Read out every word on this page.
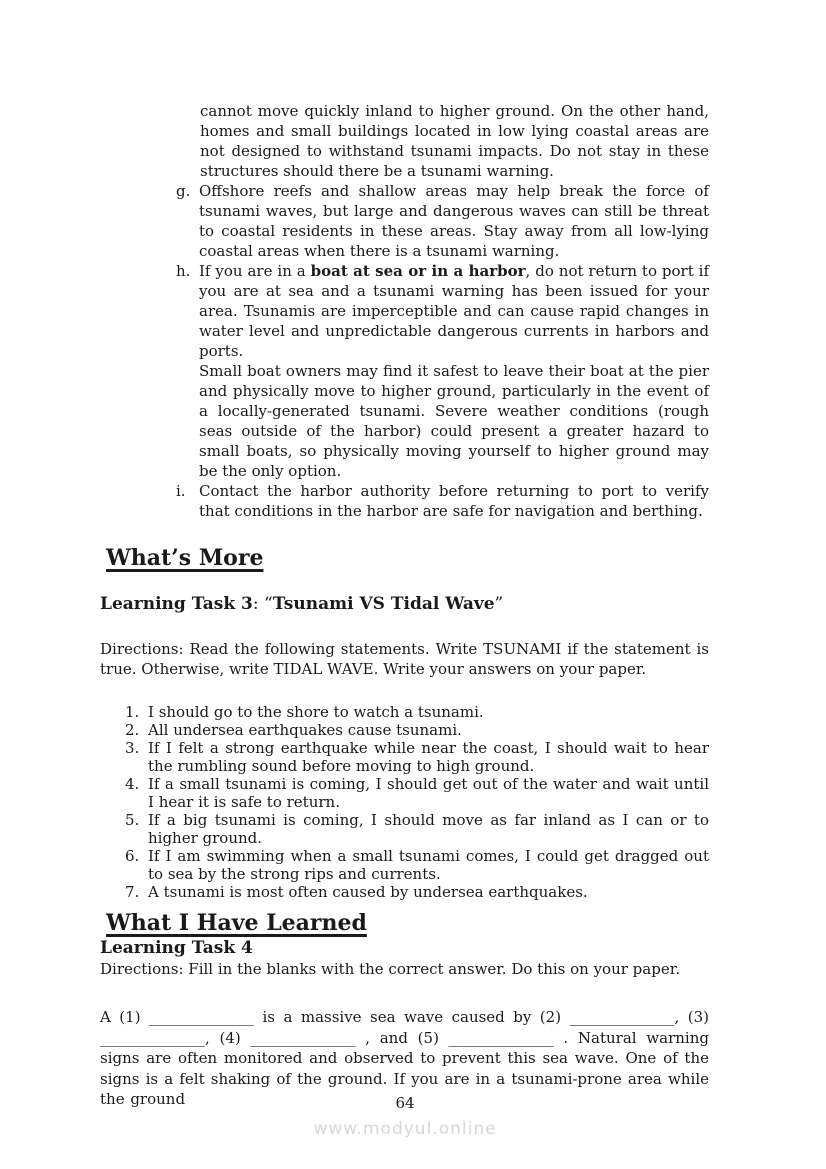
cannot move quickly inland to higher ground. On the other hand, homes and small buildings located in low lying coastal areas are not designed to withstand tsunami impacts. Do not stay in these structures should there be a tsunami warning.
g. Offshore reefs and shallow areas may help break the force of tsunami waves, but large and dangerous waves can still be threat to coastal residents in these areas. Stay away from all low-lying coastal areas when there is a tsunami warning.
h. If you are in a boat at sea or in a harbor, do not return to port if you are at sea and a tsunami warning has been issued for your area. Tsunamis are imperceptible and can cause rapid changes in water level and unpredictable dangerous currents in harbors and ports.
Small boat owners may find it safest to leave their boat at the pier and physically move to higher ground, particularly in the event of a locally-generated tsunami. Severe weather conditions (rough seas outside of the harbor) could present a greater hazard to small boats, so physically moving yourself to higher ground may be the only option.
i. Contact the harbor authority before returning to port to verify that conditions in the harbor are safe for navigation and berthing.
What’s More
Learning Task 3: “Tsunami VS Tidal Wave”
Directions: Read the following statements. Write TSUNAMI if the statement is true. Otherwise, write TIDAL WAVE. Write your answers on your paper.
1. I should go to the shore to watch a tsunami.
2. All undersea earthquakes cause tsunami.
3. If I felt a strong earthquake while near the coast, I should wait to hear the rumbling sound before moving to high ground.
4. If a small tsunami is coming, I should get out of the water and wait until I hear it is safe to return.
5. If a big tsunami is coming, I should move as far inland as I can or to higher ground.
6. If I am swimming when a small tsunami comes, I could get dragged out to sea by the strong rips and currents.
7. A tsunami is most often caused by undersea earthquakes.
What I Have Learned
Learning Task 4
Directions: Fill in the blanks with the correct answer. Do this on your paper.
A (1) ______________ is a massive sea wave caused by (2) ______________, (3) ______________, (4) ______________ , and (5) ______________ . Natural warning signs are often monitored and observed to prevent this sea wave. One of the signs is a felt shaking of the ground. If you are in a tsunami-prone area while the ground	64
www.modyul.online
